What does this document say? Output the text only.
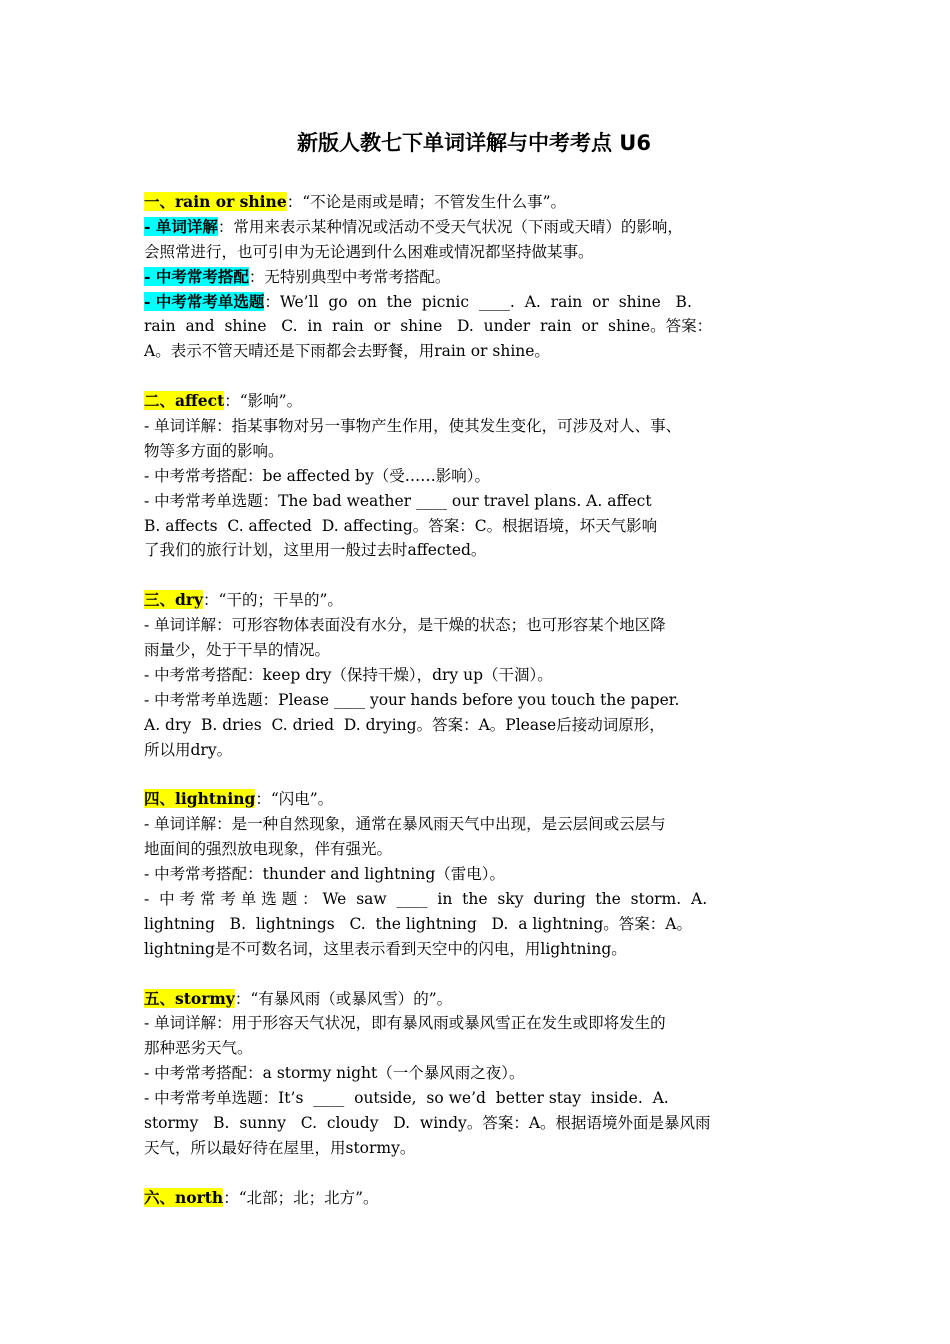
新版人教七下单词详解与中考考点 U6
一、rain or shine：“不论是雨或是晴；不管发生什么事”。
- 单词详解：常用来表示某种情况或活动不受天气状况（下雨或天晴）的影响，
会照常进行，也可引申为无论遇到什么困难或情况都坚持做某事。
- 中考常考搭配：无特别典型中考常考搭配。
- 中考常考单选题：We’ll  go  on  the  picnic  ____.  A.  rain  or  shine   B.
rain  and  shine   C.  in  rain  or  shine   D.  under  rain  or  shine。答案：
A。表示不管天晴还是下雨都会去野餐，用rain or shine。
二、affect：“影响”。
- 单词详解：指某事物对另一事物产生作用，使其发生变化，可涉及对人、事、
物等多方面的影响。
- 中考常考搭配：be affected by（受……影响）。
- 中考常考单选题：The bad weather ____ our travel plans. A. affect
B. affects  C. affected  D. affecting。答案：C。根据语境，坏天气影响
了我们的旅行计划，这里用一般过去时affected。
三、dry：“干的；干旱的”。
- 单词详解：可形容物体表面没有水分，是干燥的状态；也可形容某个地区降
雨量少，处于干旱的情况。
- 中考常考搭配：keep dry（保持干燥），dry up（干涸）。
- 中考常考单选题：Please ____ your hands before you touch the paper.
A. dry  B. dries  C. dried  D. drying。答案：A。Please后接动词原形，
所以用dry。
四、lightning：“闪电”。
- 单词详解：是一种自然现象，通常在暴风雨天气中出现，是云层间或云层与
地面间的强烈放电现象，伴有强光。
- 中考常考搭配：thunder and lightning（雷电）。
-  中 考 常 考 单 选 题 ： We  saw  ____  in  the  sky  during  the  storm.  A.
lightning   B.  lightnings   C.  the lightning   D.  a lightning。答案：A。
lightning是不可数名词，这里表示看到天空中的闪电，用lightning。
五、stormy：“有暴风雨（或暴风雪）的”。
- 单词详解：用于形容天气状况，即有暴风雨或暴风雪正在发生或即将发生的
那种恶劣天气。
- 中考常考搭配：a stormy night（一个暴风雨之夜）。
- 中考常考单选题：It’s  ____  outside,  so we’d  better stay  inside.  A.
stormy   B.  sunny   C.  cloudy   D.  windy。答案：A。根据语境外面是暴风雨
天气，所以最好待在屋里，用stormy。
六、north：“北部；北；北方”。
